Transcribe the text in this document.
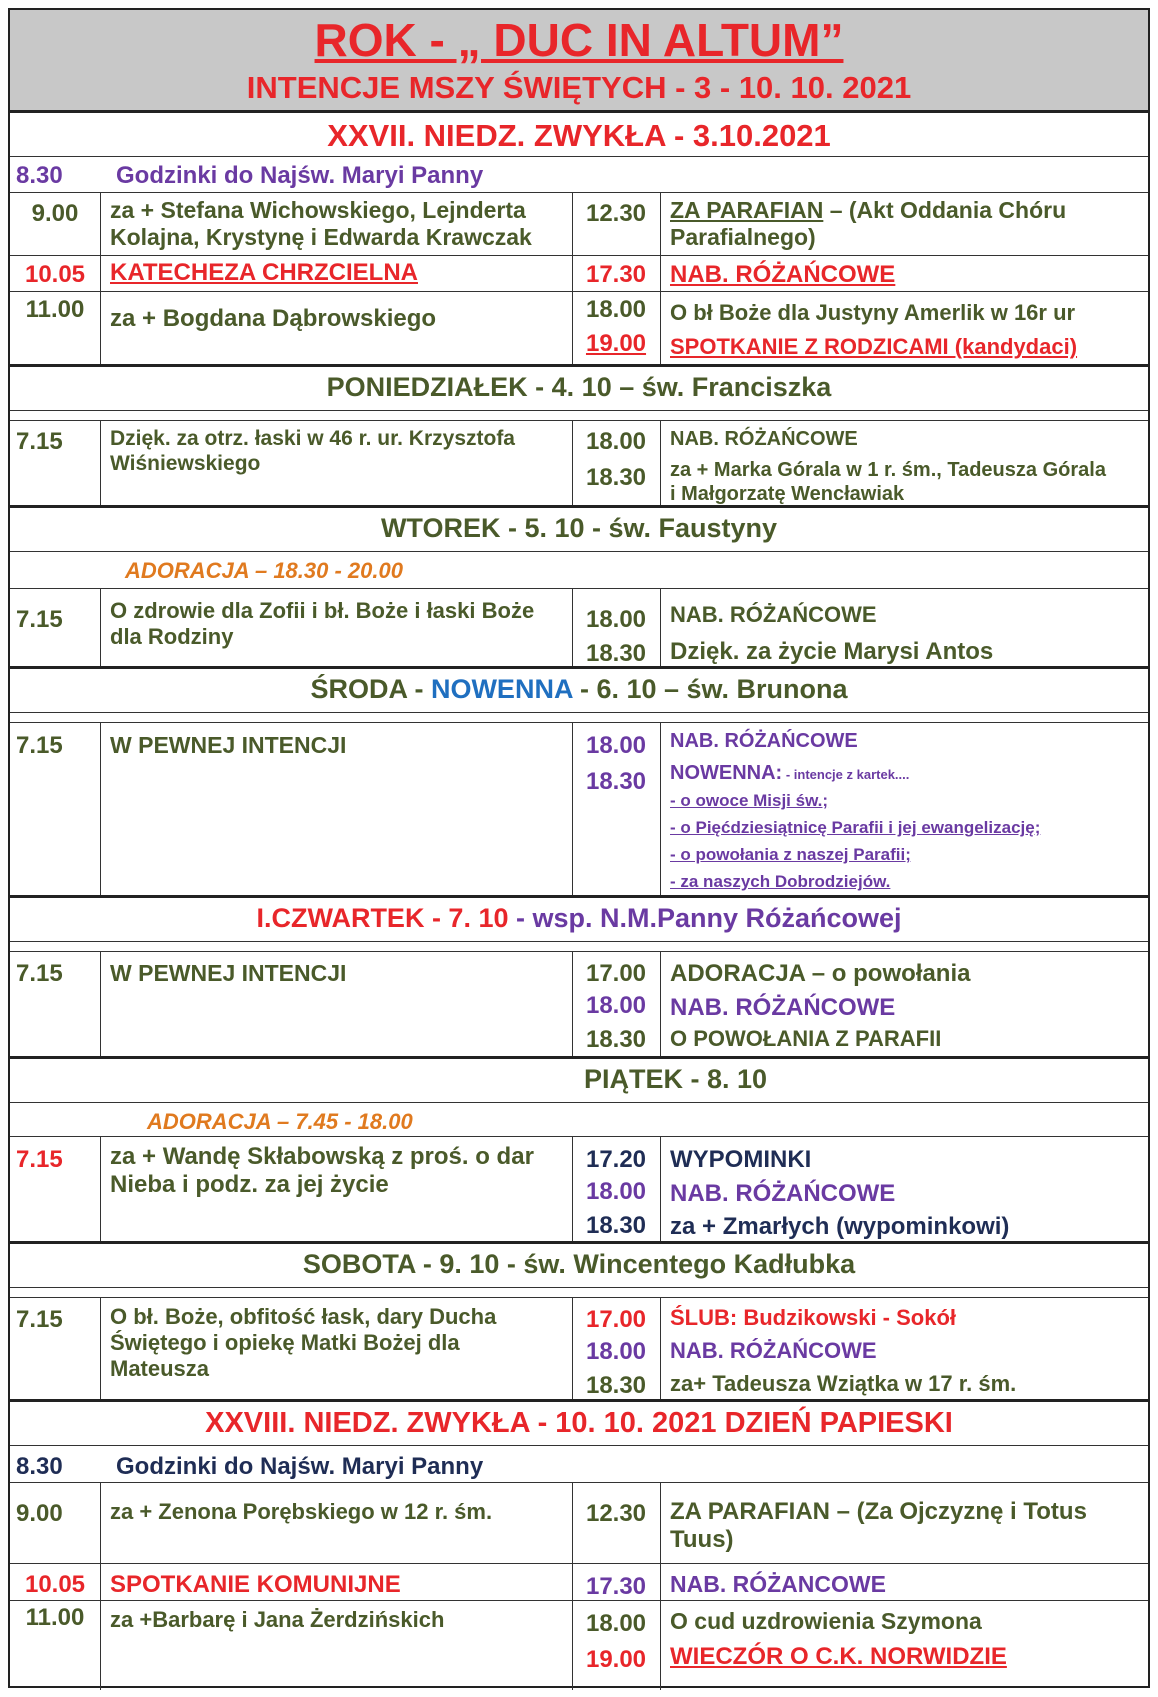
ROK - „ DUC IN ALTUM”
INTENCJE MSZY ŚWIĘTYCH - 3 - 10. 10. 2021
XXVII. NIEDZ. ZWYKŁA - 3.10.2021
8.30 Godzinki do Najśw. Maryi Panny
9.00	za + Stefana Wichowskiego, Lejnderta Kolajna, Krystynę i Edwarda Krawczak
12.30	ZA PARAFIAN – (Akt Oddania Chóru Parafialnego)
10.05	KATECHEZA CHRZCIELNA	17.30 NAB. RÓŻAŃCOWE
11.00	za + Bogdana Dąbrowskiego	18.00	O bł Boże dla Justyny Amerlik w 16r ur
19.00	SPOTKANIE Z RODZICAMI (kandydaci)
PONIEDZIAŁEK - 4. 10 – św. Franciszka
7.15 Dzięk. za otrz. łaski w 46 r. ur. Krzysztofa Wiśniewskiego
18.00	NAB. RÓŻAŃCOWE
18.30	za + Marka Górala w 1 r. śm., Tadeusza Górala i Małgorzatę Wencławiak
WTOREK - 5. 10 - św. Faustyny
ADORACJA – 18.30 - 20.00
7.15 O zdrowie dla Zofii i bł. Boże i łaski Boże dla Rodziny
18.00	NAB. RÓŻAŃCOWE
18.30 Dzięk. za życie Marysi Antos
ŚRODA - NOWENNA - 6. 10 – św. Brunona
7.15 W PEWNEJ INTENCJI	18.00	NAB. RÓŻAŃCOWE
18.30	NOWENNA: - intencje z kartek....
- o owoce Misji św.;
- o Pięćdziesiątnicę Parafii i jej ewangelizację;
- o powołania z naszej Parafii;
- za naszych Dobrodziejów.
I.CZWARTEK - 7. 10 - wsp. N.M.Panny Różańcowej
7.15 W PEWNEJ INTENCJI	17.00 ADORACJA – o powołania
18.00 NAB. RÓŻAŃCOWE
18.30	O POWOŁANIA Z PARAFII
PIĄTEK - 8. 10
ADORACJA – 7.45 - 18.00
7.15 za + Wandę Skłabowską z proś. o dar Nieba i podz. za jej życie
17.20 WYPOMINKI
18.00 NAB. RÓŻAŃCOWE
18.30 za + Zmarłych (wypominkowi)
SOBOTA - 9. 10 - św. Wincentego Kadłubka
7.15 O bł. Boże, obfitość łask, dary Ducha Świętego i opiekę Matki Bożej dla Mateusza
17.00	ŚLUB: Budzikowski - Sokół
18.00	NAB. RÓŻAŃCOWE
18.30	za+ Tadeusza Wziątka w 17 r. śm.
XXVIII. NIEDZ. ZWYKŁA - 10. 10. 2021 DZIEŃ PAPIESKI
8.30 Godzinki do Najśw. Maryi Panny
9.00 za + Zenona Porębskiego w 12 r. śm.	12.30 ZA PARAFIAN – (Za Ojczyznę i Totus Tuus)
10.05	SPOTKANIE KOMUNIJNE	17.30	NAB. RÓŻANCOWE
11.00	za +Barbarę i Jana Żerdzińskich	18.00	O cud uzdrowienia Szymona
19.00 WIECZÓR O C.K. NORWIDZIE
